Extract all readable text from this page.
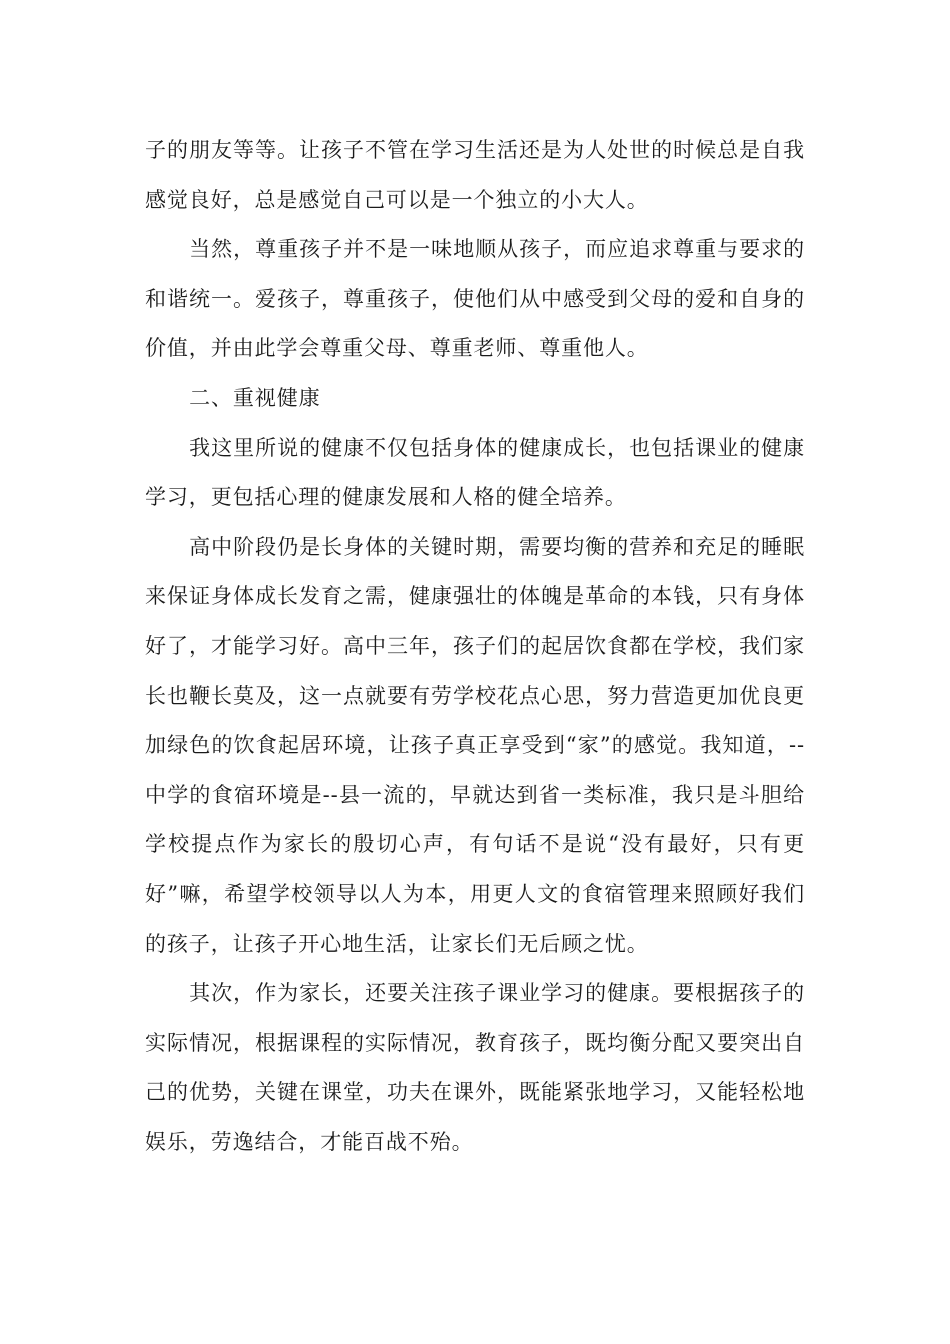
子的朋友等等。让孩子不管在学习生活还是为人处世的时候总是自我感觉良好，总是感觉自己可以是一个独立的小大人。

当然，尊重孩子并不是一味地顺从孩子，而应追求尊重与要求的和谐统一。爱孩子，尊重孩子，使他们从中感受到父母的爱和自身的价值，并由此学会尊重父母、尊重老师、尊重他人。

二、重视健康

我这里所说的健康不仅包括身体的健康成长，也包括课业的健康学习，更包括心理的健康发展和人格的健全培养。

高中阶段仍是长身体的关键时期，需要均衡的营养和充足的睡眠来保证身体成长发育之需，健康强壮的体魄是革命的本钱，只有身体好了，才能学习好。高中三年，孩子们的起居饮食都在学校，我们家长也鞭长莫及，这一点就要有劳学校花点心思，努力营造更加优良更加绿色的饮食起居环境，让孩子真正享受到“家”的感觉。我知道，--中学的食宿环境是--县一流的，早就达到省一类标准，我只是斗胆给学校提点作为家长的殷切心声，有句话不是说“没有最好，只有更好”嘛，希望学校领导以人为本，用更人文的食宿管理来照顾好我们的孩子，让孩子开心地生活，让家长们无后顾之忧。

其次，作为家长，还要关注孩子课业学习的健康。要根据孩子的实际情况，根据课程的实际情况，教育孩子，既均衡分配又要突出自己的优势，关键在课堂，功夫在课外，既能紧张地学习，又能轻松地娱乐，劳逸结合，才能百战不殆。
